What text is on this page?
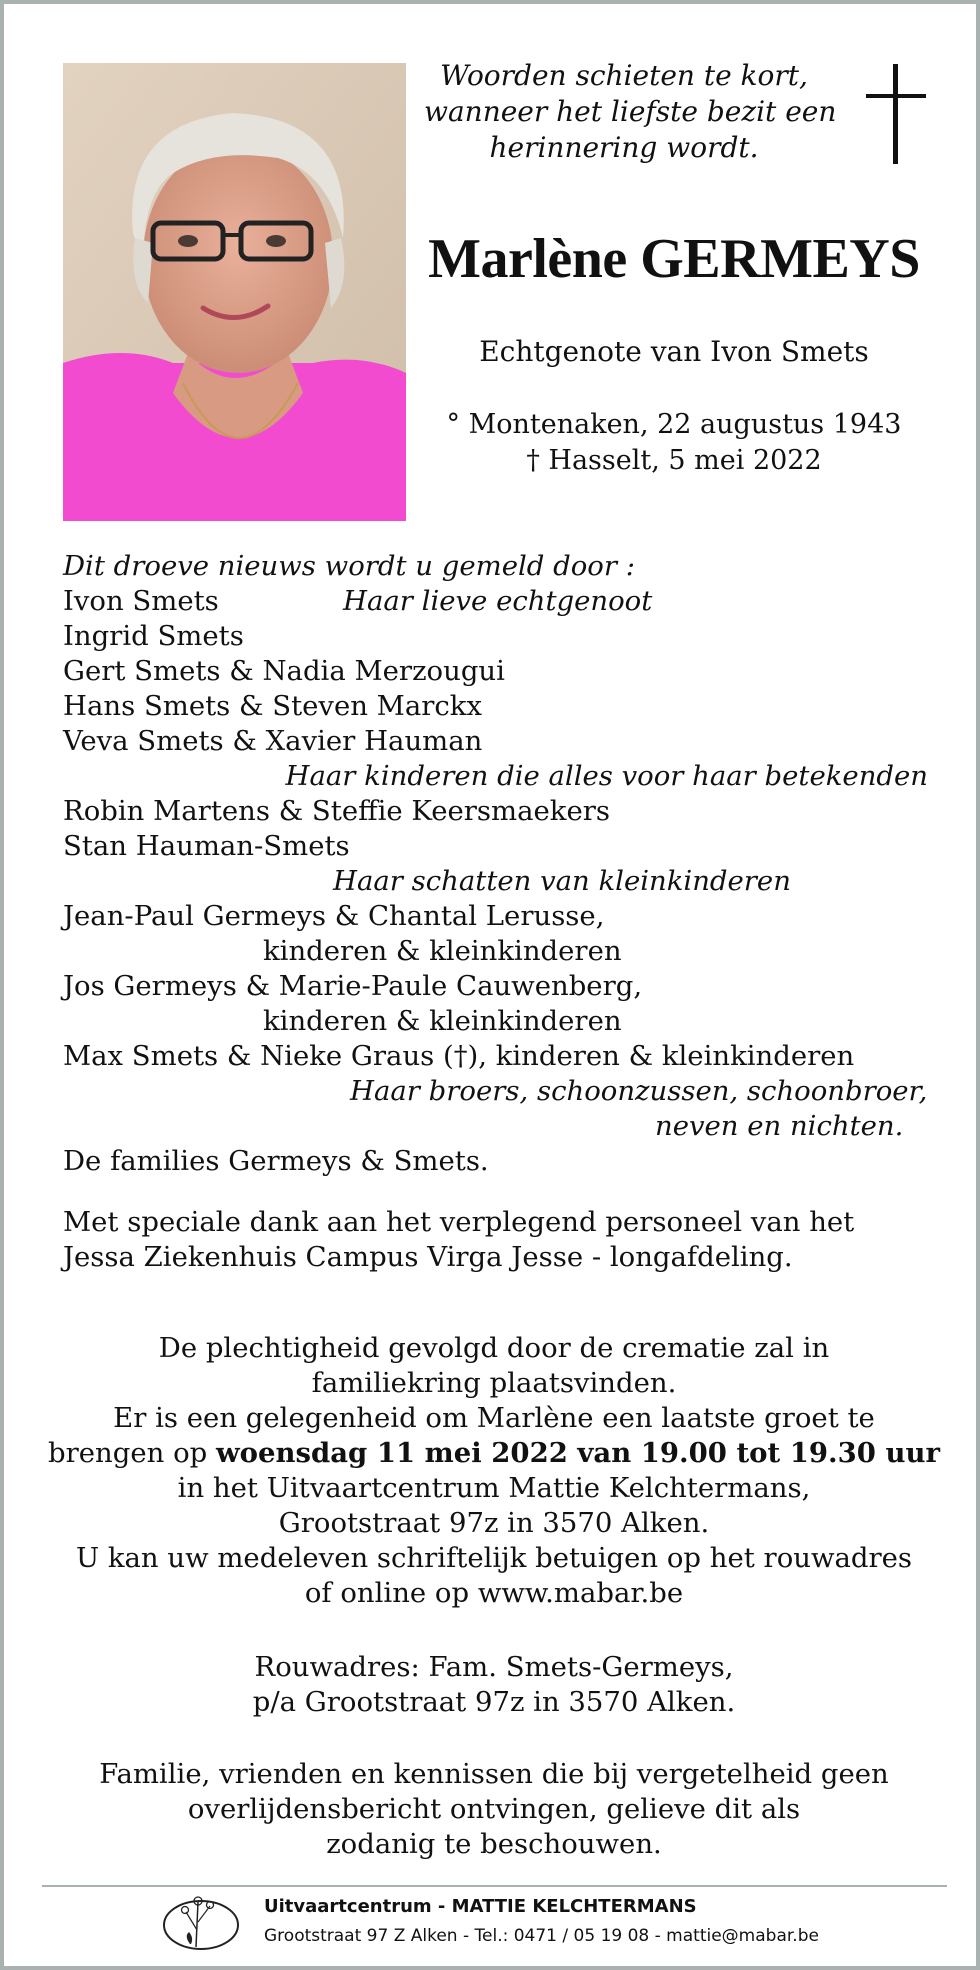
Woorden schieten te kort,
wanneer het liefste bezit een
herinnering wordt.
Marlène GERMEYS
Echtgenote van Ivon Smets
° Montenaken, 22 augustus 1943
† Hasselt, 5 mei 2022
Dit droeve nieuws wordt u gemeld door :
Ivon Smets	Haar lieve echtgenoot
Ingrid Smets
Gert Smets & Nadia Merzougui
Hans Smets & Steven Marckx
Veva Smets & Xavier Hauman
Haar kinderen die alles voor haar betekenden
Robin Martens & Steffie Keersmaekers
Stan Hauman-Smets
Haar schatten van kleinkinderen
Jean-Paul Germeys & Chantal Lerusse,
kinderen & kleinkinderen
Jos Germeys & Marie-Paule Cauwenberg,
kinderen & kleinkinderen
Max Smets & Nieke Graus (†), kinderen & kleinkinderen
Haar broers, schoonzussen, schoonbroer,
neven en nichten.
De families Germeys & Smets.
Met speciale dank aan het verplegend personeel van het
Jessa Ziekenhuis Campus Virga Jesse - longafdeling.
De plechtigheid gevolgd door de crematie zal in
familiekring plaatsvinden.
Er is een gelegenheid om Marlène een laatste groet te
brengen op woensdag 11 mei 2022 van 19.00 tot 19.30 uur
in het Uitvaartcentrum Mattie Kelchtermans,
Grootstraat 97z in 3570 Alken.
U kan uw medeleven schriftelijk betuigen op het rouwadres
of online op www.mabar.be
Rouwadres: Fam. Smets-Germeys,
p/a Grootstraat 97z in 3570 Alken.
Familie, vrienden en kennissen die bij vergetelheid geen
overlijdensbericht ontvingen, gelieve dit als
zodanig te beschouwen.
Uitvaartcentrum - MATTIE KELCHTERMANS
Grootstraat 97 Z Alken - Tel.: 0471 / 05 19 08 - mattie@mabar.be
